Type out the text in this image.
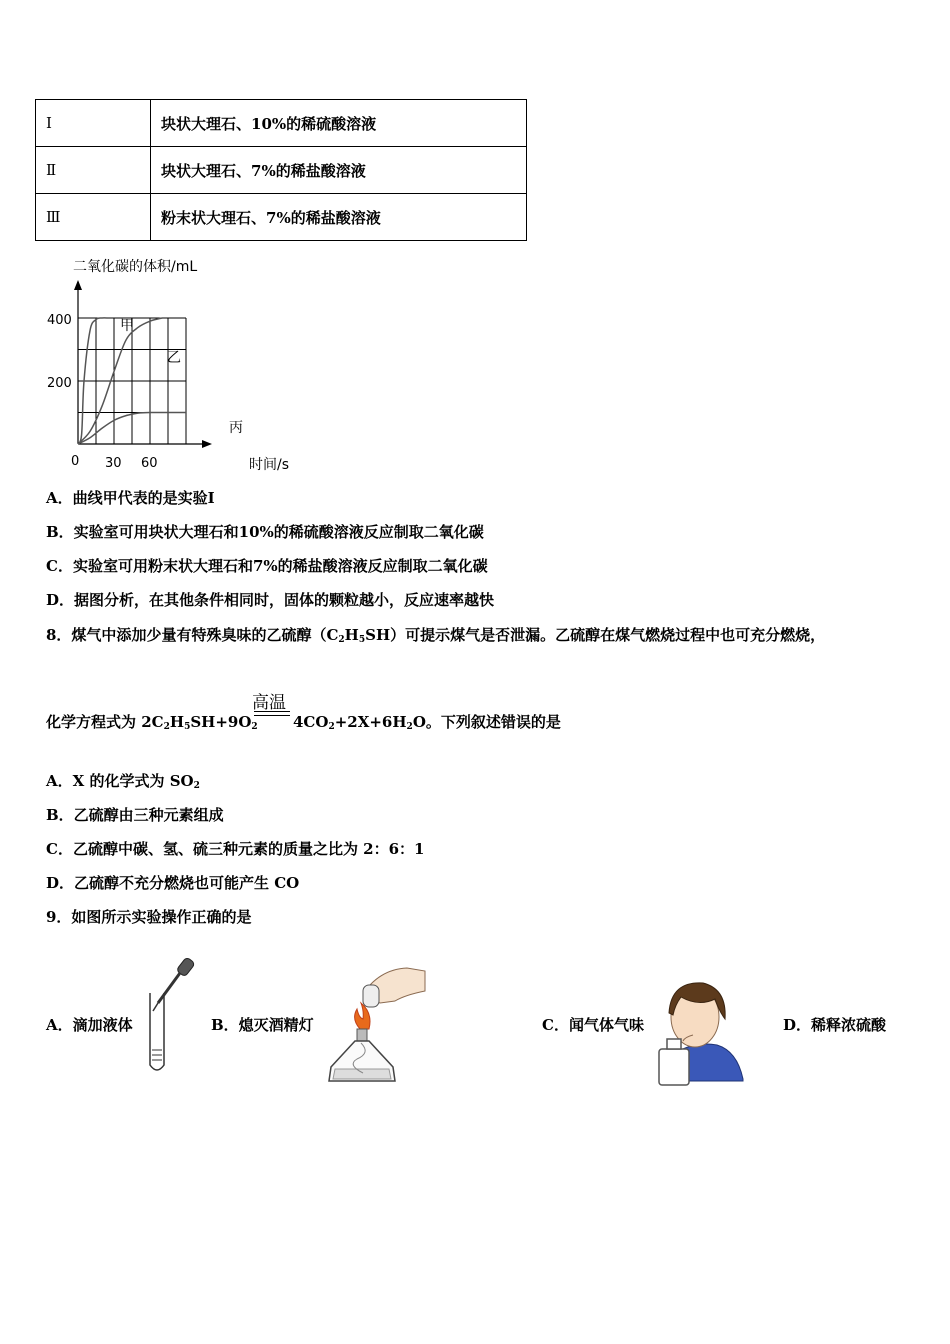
Ⅰ	块状大理石、10%的稀硫酸溶液
Ⅱ	块状大理石、7%的稀盐酸溶液
Ⅲ	粉末状大理石、7%的稀盐酸溶液
二氧化碳的体积/mL
30 60
200
400	甲
乙
丙
时间/s
0
A．曲线甲代表的是实验Ⅰ
B．实验室可用块状大理石和10%的稀硫酸溶液反应制取二氧化碳
C．实验室可用粉末状大理石和7%的稀盐酸溶液反应制取二氧化碳
D．据图分析，在其他条件相同时，固体的颗粒越小，反应速率越快
8．煤气中添加少量有特殊臭味的乙硫醇$(C_2H_5SH)$可提示煤气是否泄漏。乙硫醇在煤气燃烧过程中也可充分燃烧，
化学方程式为 $2C_2H_5SH+9O_2$
高温
$4CO_2+2X+6H_2O$。下列叙述错误的是
A．X 的化学式为 $SO_2$
B．乙硫醇由三种元素组成
C．乙硫醇中碳、氢、硫三种元素的质量之比为 2：6：1
D．乙硫醇不充分燃烧也可能产生 CO
9．如图所示实验操作正确的是
A．滴加液体	B．熄灭酒精灯	C．闻气体气味	D．稀释浓硫酸
